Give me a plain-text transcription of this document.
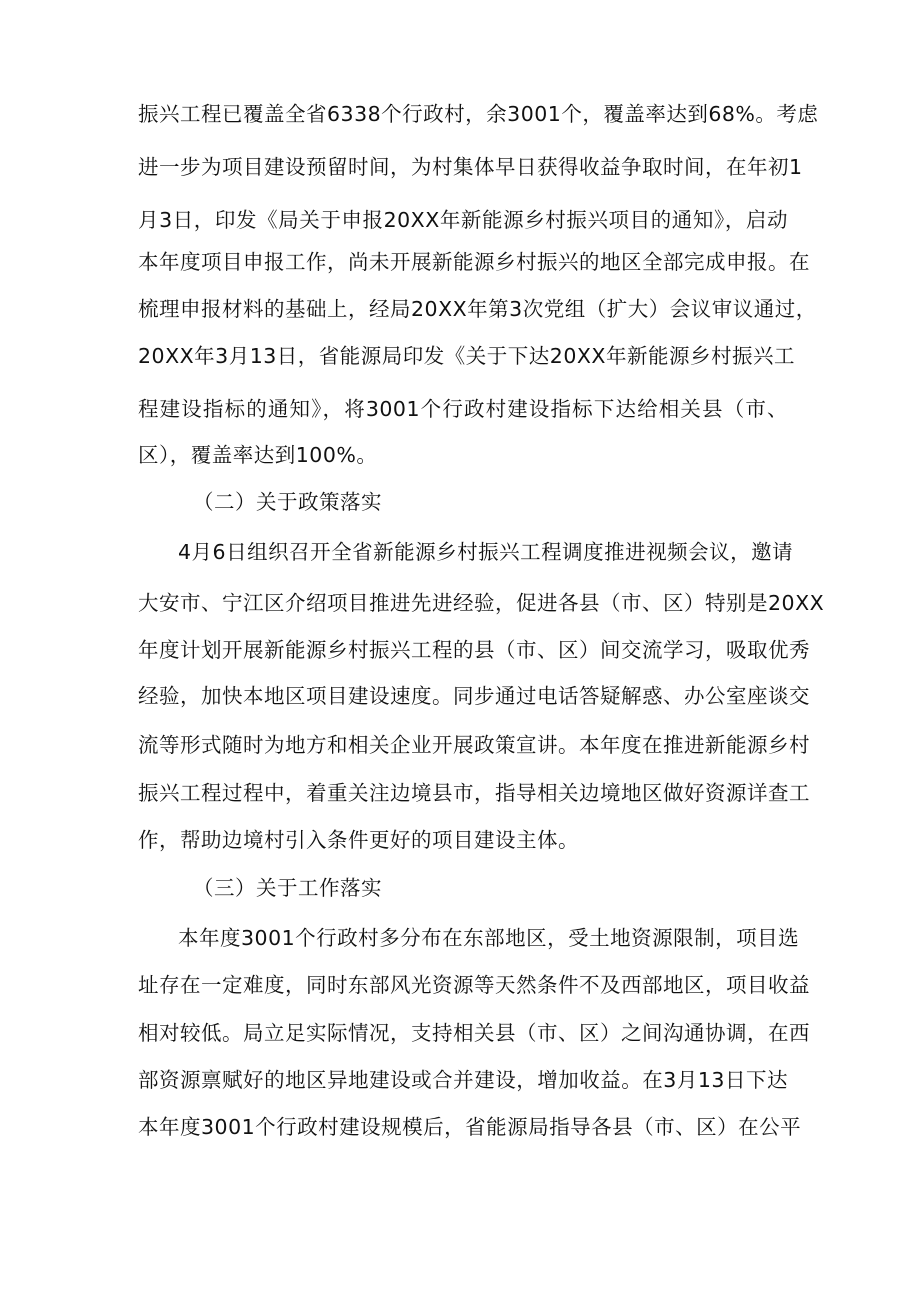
振兴工程已覆盖全省6338个行政村，余3001个，覆盖率达到68%。考虑

进一步为项目建设预留时间，为村集体早日获得收益争取时间，在年初1

月3日，印发《局关于申报20XX年新能源乡村振兴项目的通知》，启动

本年度项目申报工作，尚未开展新能源乡村振兴的地区全部完成申报。在

梳理申报材料的基础上，经局20XX年第3次党组（扩大）会议审议通过，

20XX年3月13日，省能源局印发《关于下达20XX年新能源乡村振兴工

程建设指标的通知》，将3001个行政村建设指标下达给相关县（市、

区），覆盖率达到100%。

（二）关于政策落实

4月6日组织召开全省新能源乡村振兴工程调度推进视频会议，邀请

大安市、宁江区介绍项目推进先进经验，促进各县（市、区）特别是20XX

年度计划开展新能源乡村振兴工程的县（市、区）间交流学习，吸取优秀

经验，加快本地区项目建设速度。同步通过电话答疑解惑、办公室座谈交

流等形式随时为地方和相关企业开展政策宣讲。本年度在推进新能源乡村

振兴工程过程中，着重关注边境县市，指导相关边境地区做好资源详查工

作，帮助边境村引入条件更好的项目建设主体。

（三）关于工作落实

本年度3001个行政村多分布在东部地区，受土地资源限制，项目选

址存在一定难度，同时东部风光资源等天然条件不及西部地区，项目收益

相对较低。局立足实际情况，支持相关县（市、区）之间沟通协调，在西

部资源禀赋好的地区异地建设或合并建设，增加收益。在3月13日下达

本年度3001个行政村建设规模后，省能源局指导各县（市、区）在公平
